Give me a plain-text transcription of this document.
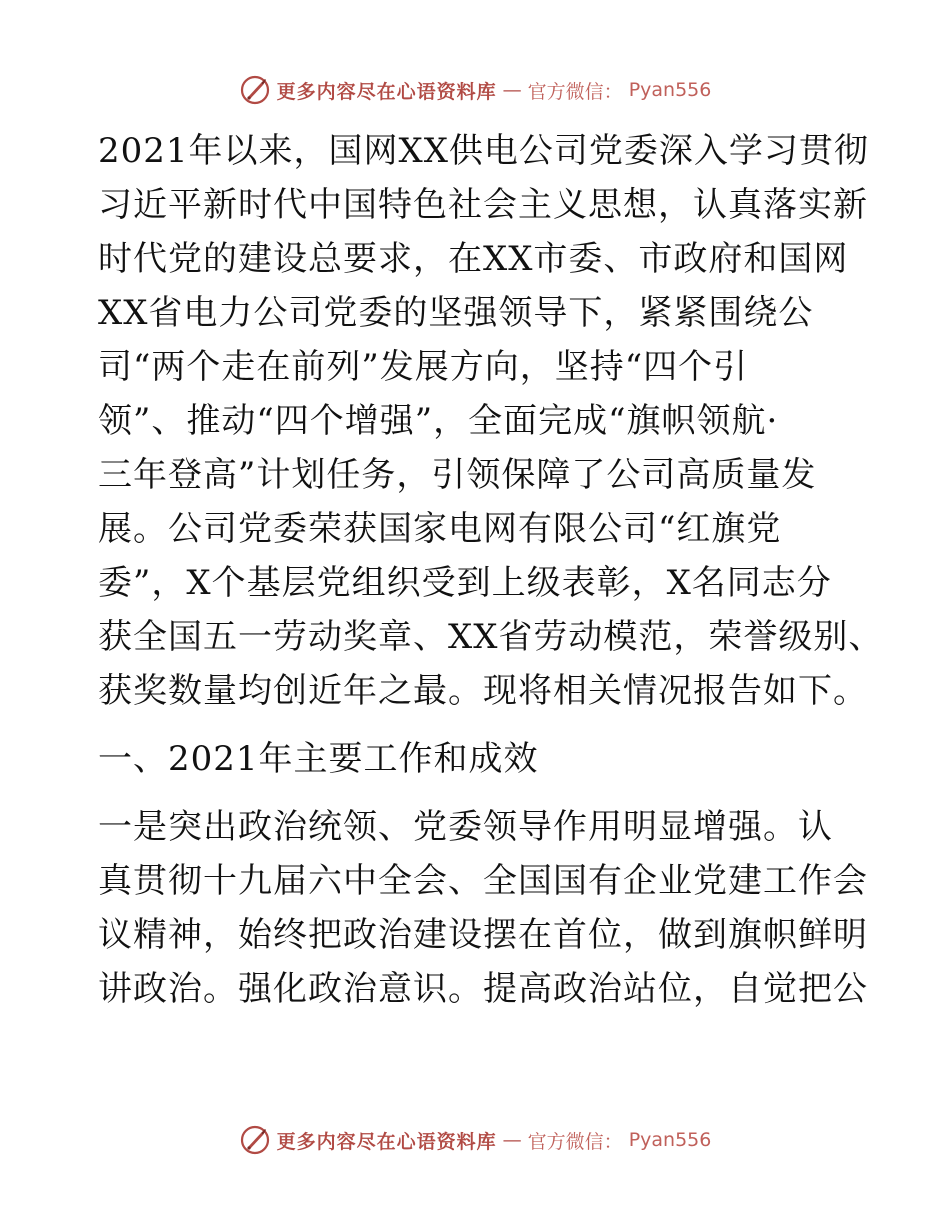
更多内容尽在心语资料库 — 官方微信： Pyan556
2021年以来，国网XX供电公司党委深入学习贯彻
习近平新时代中国特色社会主义思想，认真落实新
时代党的建设总要求，在XX市委、市政府和国网
XX省电力公司党委的坚强领导下，紧紧围绕公
司“两个走在前列”发展方向，坚持“四个引
领”、推动“四个增强”，全面完成“旗帜领航·
三年登高”计划任务，引领保障了公司高质量发
展。公司党委荣获国家电网有限公司“红旗党
委”，X个基层党组织受到上级表彰，X名同志分
获全国五一劳动奖章、XX省劳动模范，荣誉级别、
获奖数量均创近年之最。现将相关情况报告如下。
一、2021年主要工作和成效
一是突出政治统领、党委领导作用明显增强。认
真贯彻十九届六中全会、全国国有企业党建工作会
议精神，始终把政治建设摆在首位，做到旗帜鲜明
讲政治。强化政治意识。提高政治站位，自觉把公
更多内容尽在心语资料库 — 官方微信： Pyan556
